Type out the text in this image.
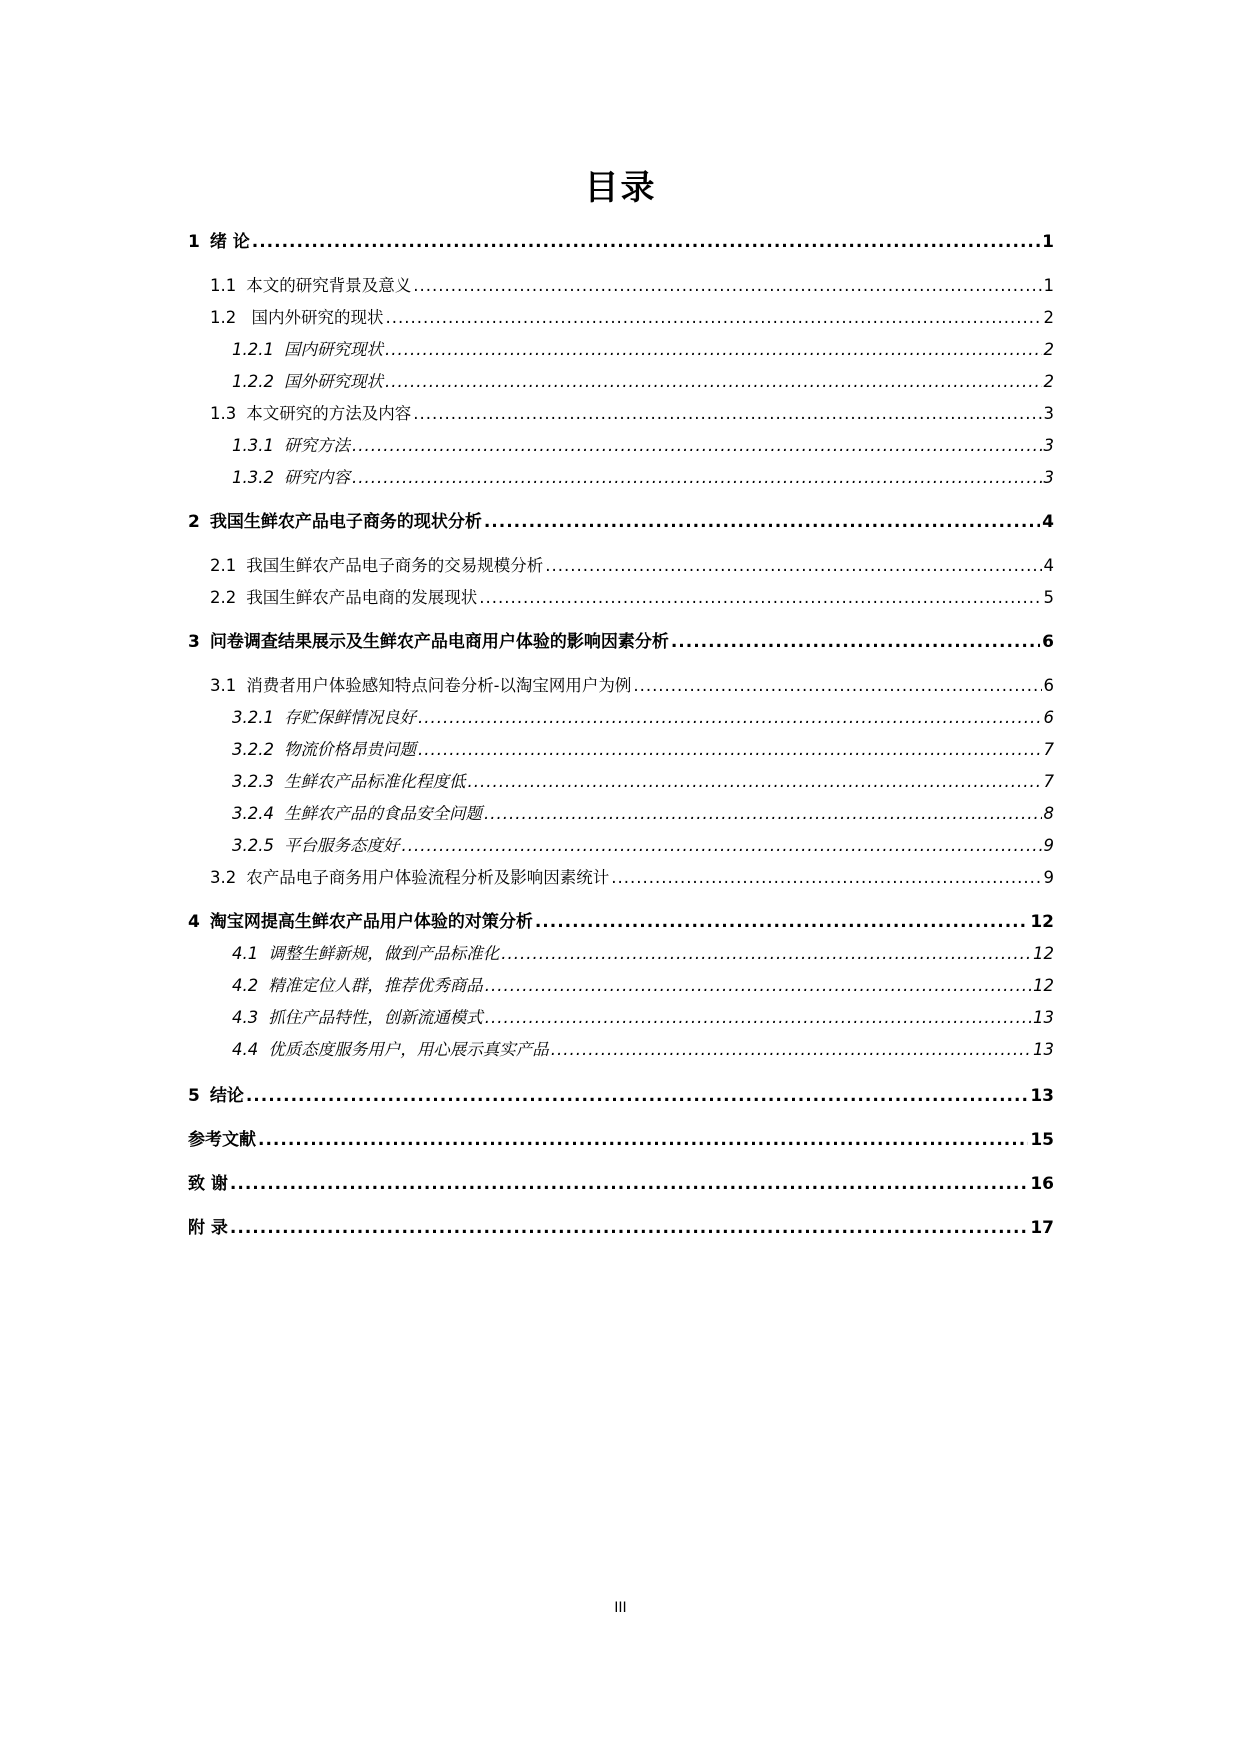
目录
1 绪 论 .....	1
1.1 本文的研究背景及意义 .....	1
1.2 国内外研究的现状 .....	2
1.2.1 国内研究现状 .....	2
1.2.2 国外研究现状 .....	2
1.3 本文研究的方法及内容 .....	3
1.3.1 研究方法 .....	3
1.3.2 研究内容 .....	3
2 我国生鲜农产品电子商务的现状分析 .....	4
2.1 我国生鲜农产品电子商务的交易规模分析 .....	4
2.2 我国生鲜农产品电商的发展现状 .....	5
3 问卷调查结果展示及生鲜农产品电商用户体验的影响因素分析 .....	6
3.1 消费者用户体验感知特点问卷分析-以淘宝网用户为例 .....	6
3.2.1 存贮保鲜情况良好 .....	6
3.2.2 物流价格昂贵问题 .....	7
3.2.3 生鲜农产品标准化程度低 .....	7
3.2.4 生鲜农产品的食品安全问题 .....	8
3.2.5 平台服务态度好 .....	9
3.2 农产品电子商务用户体验流程分析及影响因素统计 .....	9
4 淘宝网提高生鲜农产品用户体验的对策分析 .....	12
4.1 调整生鲜新规，做到产品标准化 .....	12
4.2 精准定位人群，推荐优秀商品 .....	12
4.3 抓住产品特性，创新流通模式 .....	13
4.4 优质态度服务用户，用心展示真实产品 .....	13
5 结论 .....	13
参考文献 .....	15
致 谢 .....	16
附 录 .....	17
III
